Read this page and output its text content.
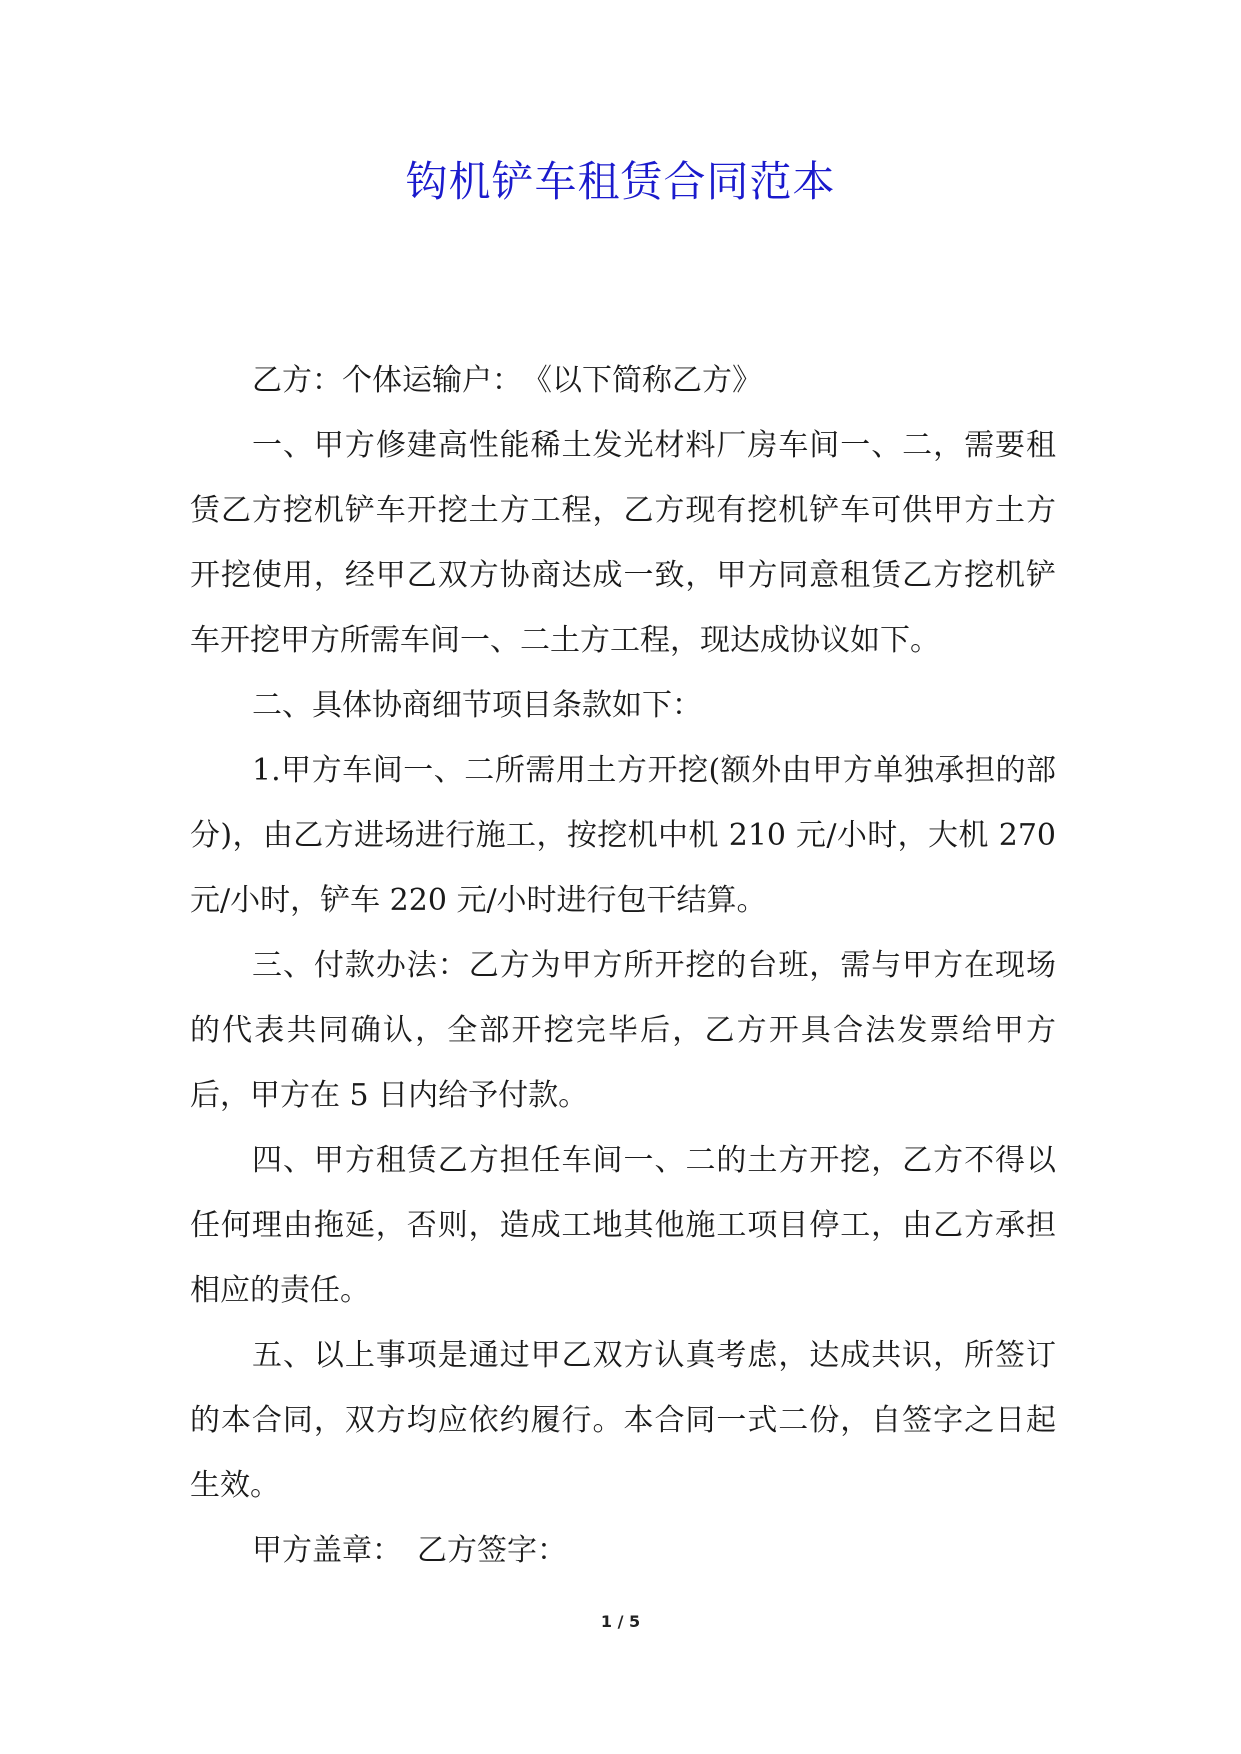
钩机铲车租赁合同范本

乙方：个体运输户：　《以下简称乙方》

一、甲方修建高性能稀土发光材料厂房车间一、二，需要租赁乙方挖机铲车开挖土方工程，乙方现有挖机铲车可供甲方土方开挖使用，经甲乙双方协商达成一致，甲方同意租赁乙方挖机铲车开挖甲方所需车间一、二土方工程，现达成协议如下。

二、具体协商细节项目条款如下：

1.甲方车间一、二所需用土方开挖(额外由甲方单独承担的部分)，由乙方进场进行施工，按挖机中机 210 元/小时，大机 270 元/小时，铲车 220 元/小时进行包干结算。

三、付款办法：乙方为甲方所开挖的台班，需与甲方在现场的代表共同确认，全部开挖完毕后，乙方开具合法发票给甲方后，甲方在 5 日内给予付款。

四、甲方租赁乙方担任车间一、二的土方开挖，乙方不得以任何理由拖延，否则，造成工地其他施工项目停工，由乙方承担相应的责任。

五、以上事项是通过甲乙双方认真考虑，达成共识，所签订的本合同，双方均应依约履行。本合同一式二份，自签字之日起生效。

甲方盖章：　乙方签字：

1 / 5
